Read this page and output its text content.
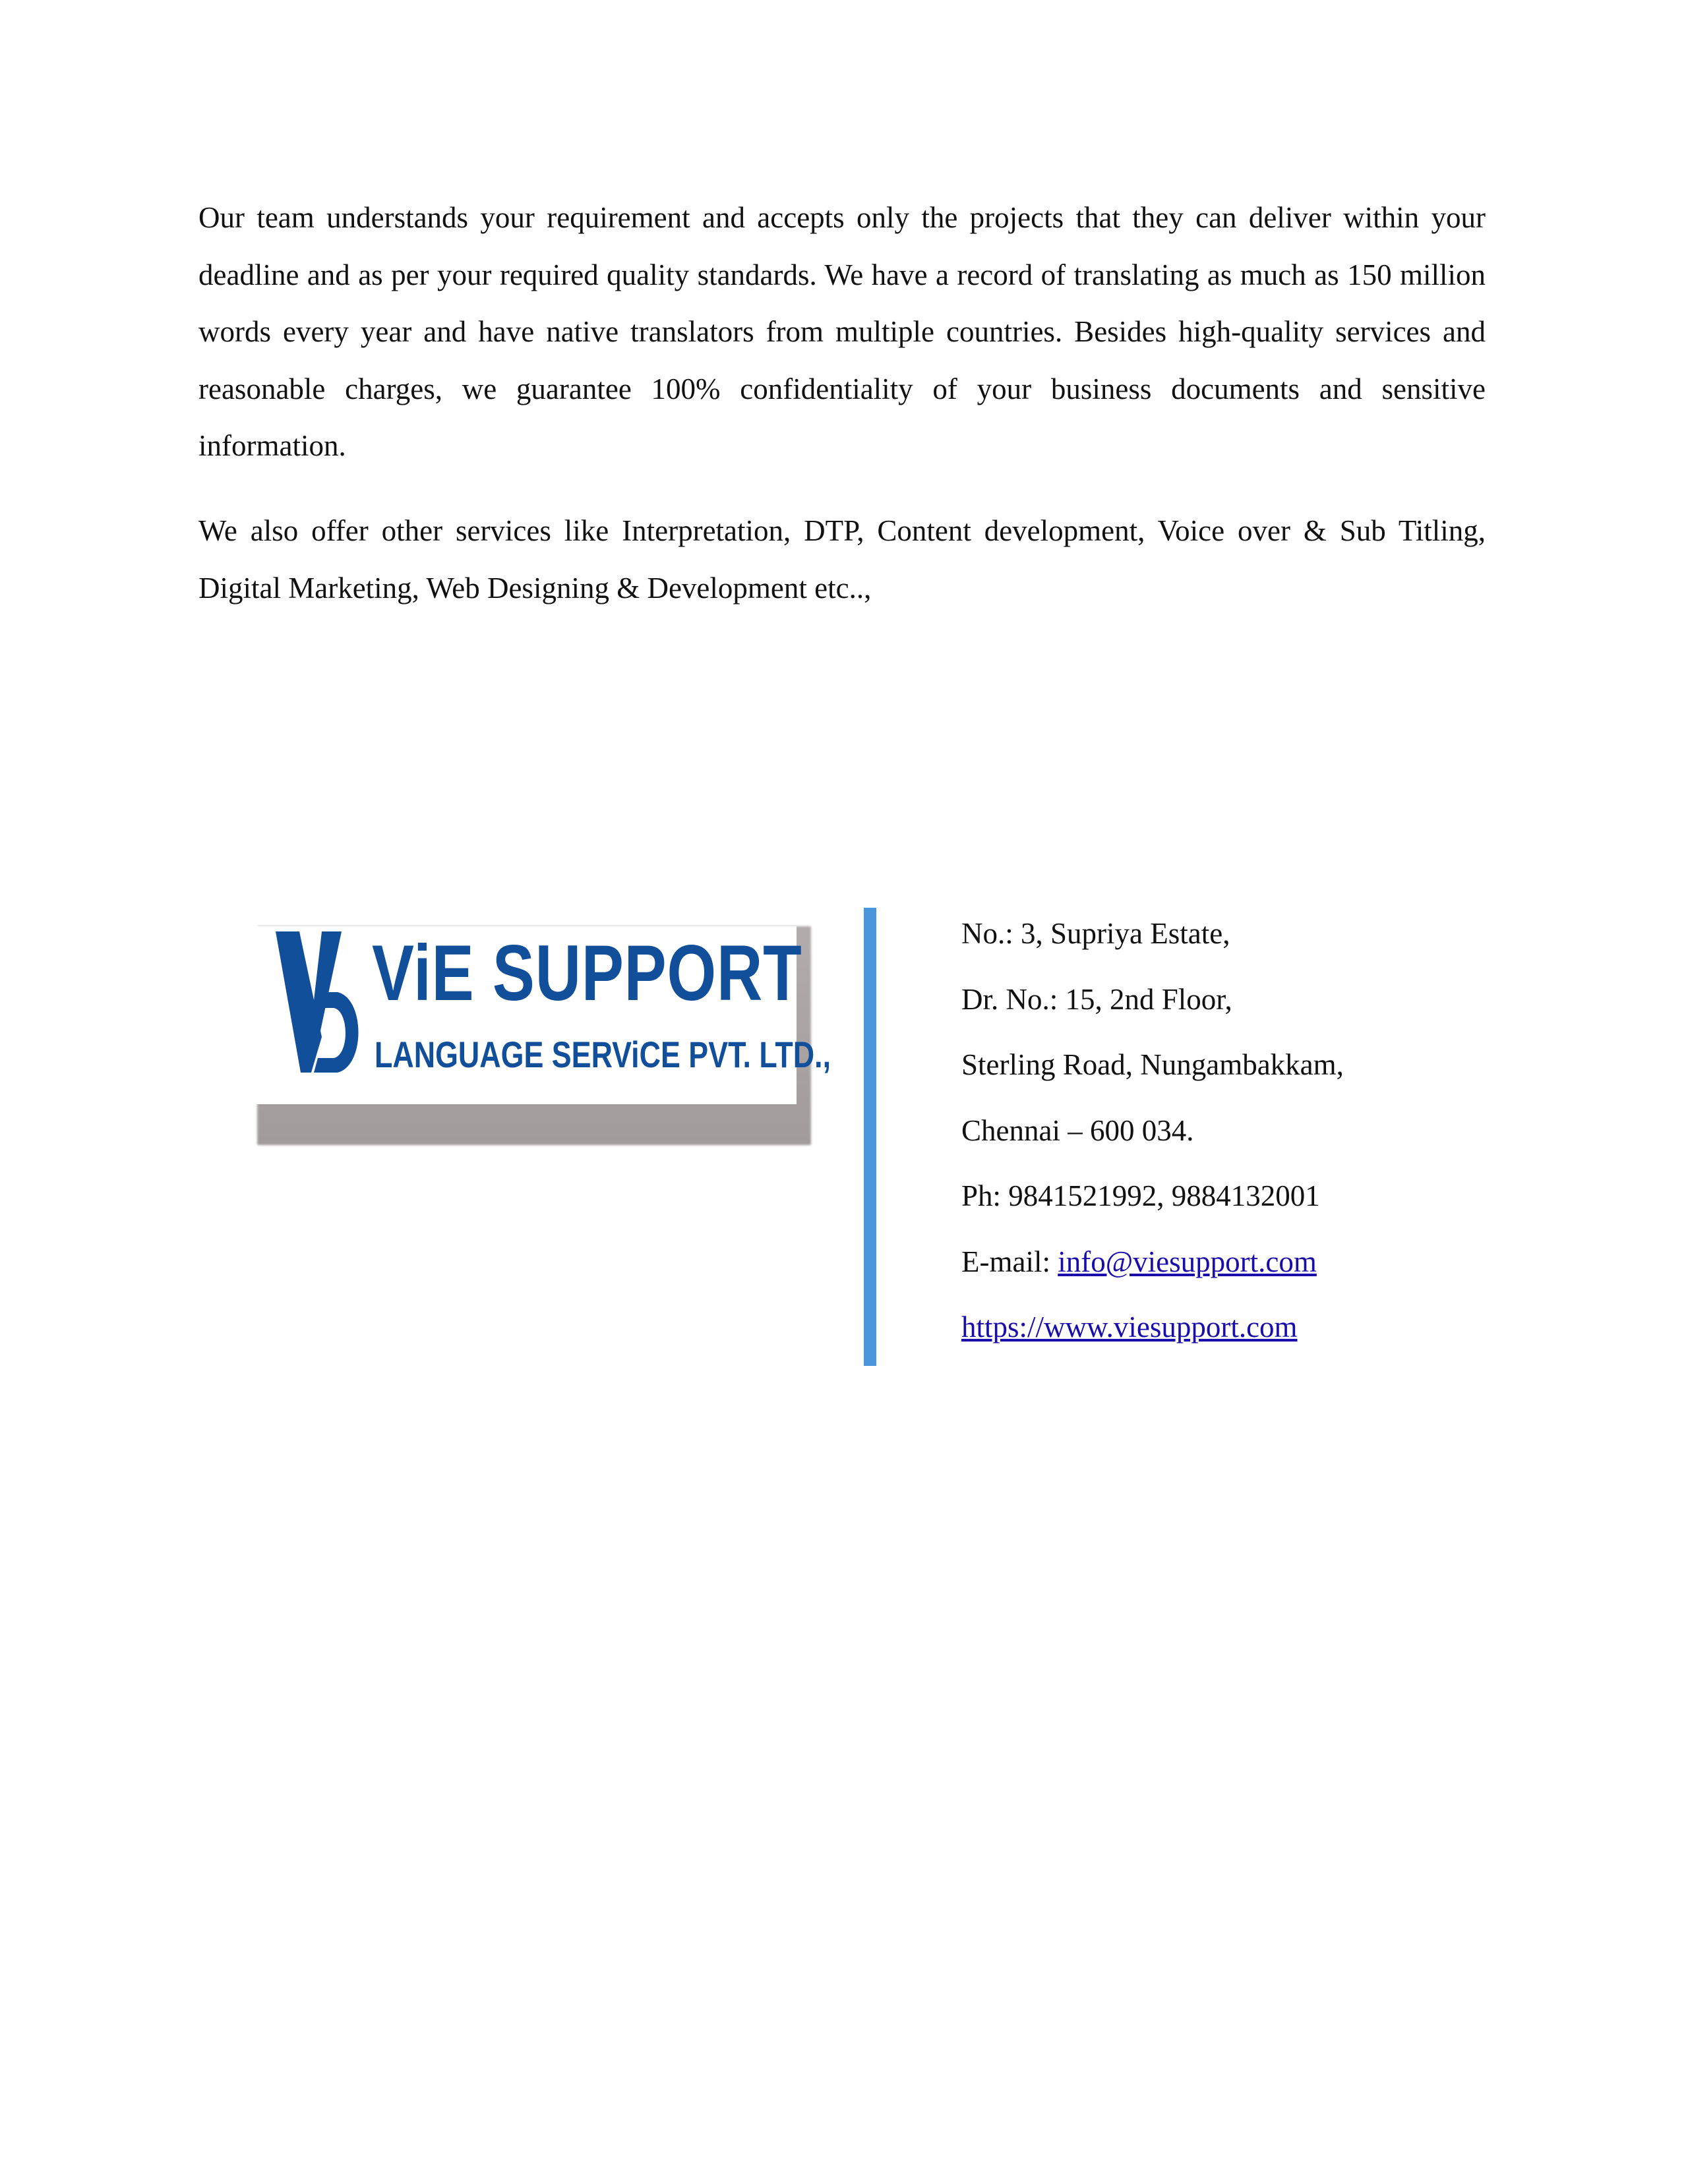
Our team understands your requirement and accepts only the projects that they can deliver within your deadline and as per your required quality standards. We have a record of translating as much as 150 million words every year and have native translators from multiple countries. Besides high-quality services and reasonable charges, we guarantee 100% confidentiality of your business documents and sensitive information.

We also offer other services like Interpretation, DTP, Content development, Voice over & Sub Titling, Digital Marketing, Web Designing & Development etc..,

ViE SUPPORT
LANGUAGE SERViCE PVT. LTD.,
No.: 3, Supriya Estate,
Dr. No.: 15, 2nd Floor,
Sterling Road, Nungambakkam,
Chennai – 600 034.
Ph: 9841521992, 9884132001
E-mail: info@viesupport.com
https://www.viesupport.com
